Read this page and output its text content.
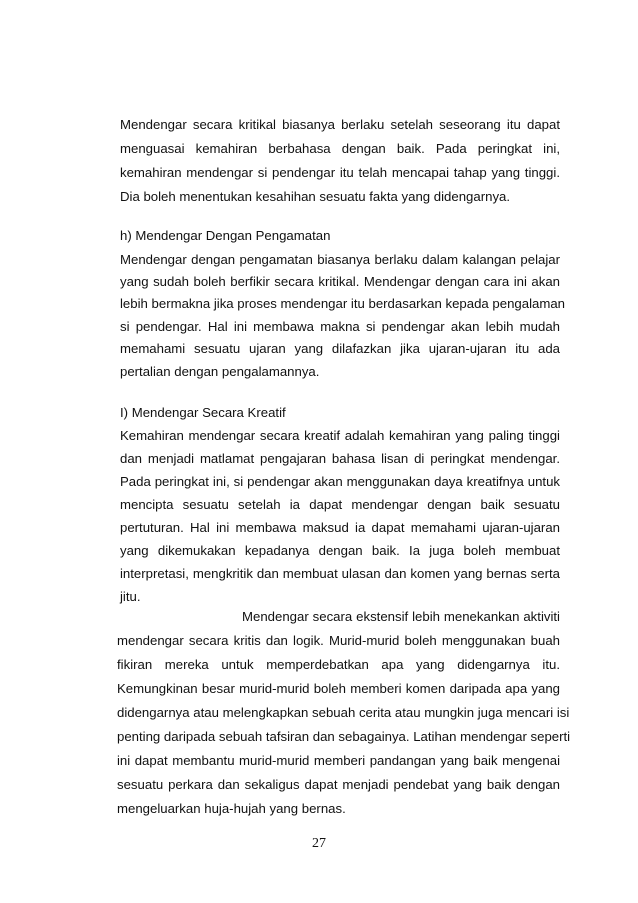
Mendengar secara kritikal biasanya berlaku setelah seseorang itu dapat
menguasai kemahiran berbahasa dengan baik. Pada peringkat ini,
kemahiran mendengar si pendengar itu telah mencapai tahap yang tinggi.
Dia boleh menentukan kesahihan sesuatu fakta yang didengarnya.
h) Mendengar Dengan Pengamatan
Mendengar dengan pengamatan biasanya berlaku dalam kalangan pelajar
yang sudah boleh berfikir secara kritikal. Mendengar dengan cara ini akan
lebih bermakna jika proses mendengar itu berdasarkan kepada pengalaman
si pendengar. Hal ini membawa makna si pendengar akan lebih mudah
memahami sesuatu ujaran yang dilafazkan jika ujaran-ujaran itu ada
pertalian dengan pengalamannya.
I) Mendengar Secara Kreatif
Kemahiran mendengar secara kreatif adalah kemahiran yang paling tinggi
dan menjadi matlamat pengajaran bahasa lisan di peringkat mendengar.
Pada peringkat ini, si pendengar akan menggunakan daya kreatifnya untuk
mencipta sesuatu setelah ia dapat mendengar dengan baik sesuatu
pertuturan. Hal ini membawa maksud ia dapat memahami ujaran-ujaran
yang dikemukakan kepadanya dengan baik. Ia juga boleh membuat
interpretasi, mengkritik dan membuat ulasan dan komen yang bernas serta
jitu.
Mendengar secara ekstensif lebih menekankan aktiviti
mendengar secara kritis dan logik. Murid-murid boleh menggunakan buah
fikiran mereka untuk memperdebatkan apa yang didengarnya itu.
Kemungkinan besar murid-murid boleh memberi komen daripada apa yang
didengarnya atau melengkapkan sebuah cerita atau mungkin juga mencari isi
penting daripada sebuah tafsiran dan sebagainya. Latihan mendengar seperti
ini dapat membantu murid-murid memberi pandangan yang baik mengenai
sesuatu perkara dan sekaligus dapat menjadi pendebat yang baik dengan
mengeluarkan huja-hujah yang bernas.
27
